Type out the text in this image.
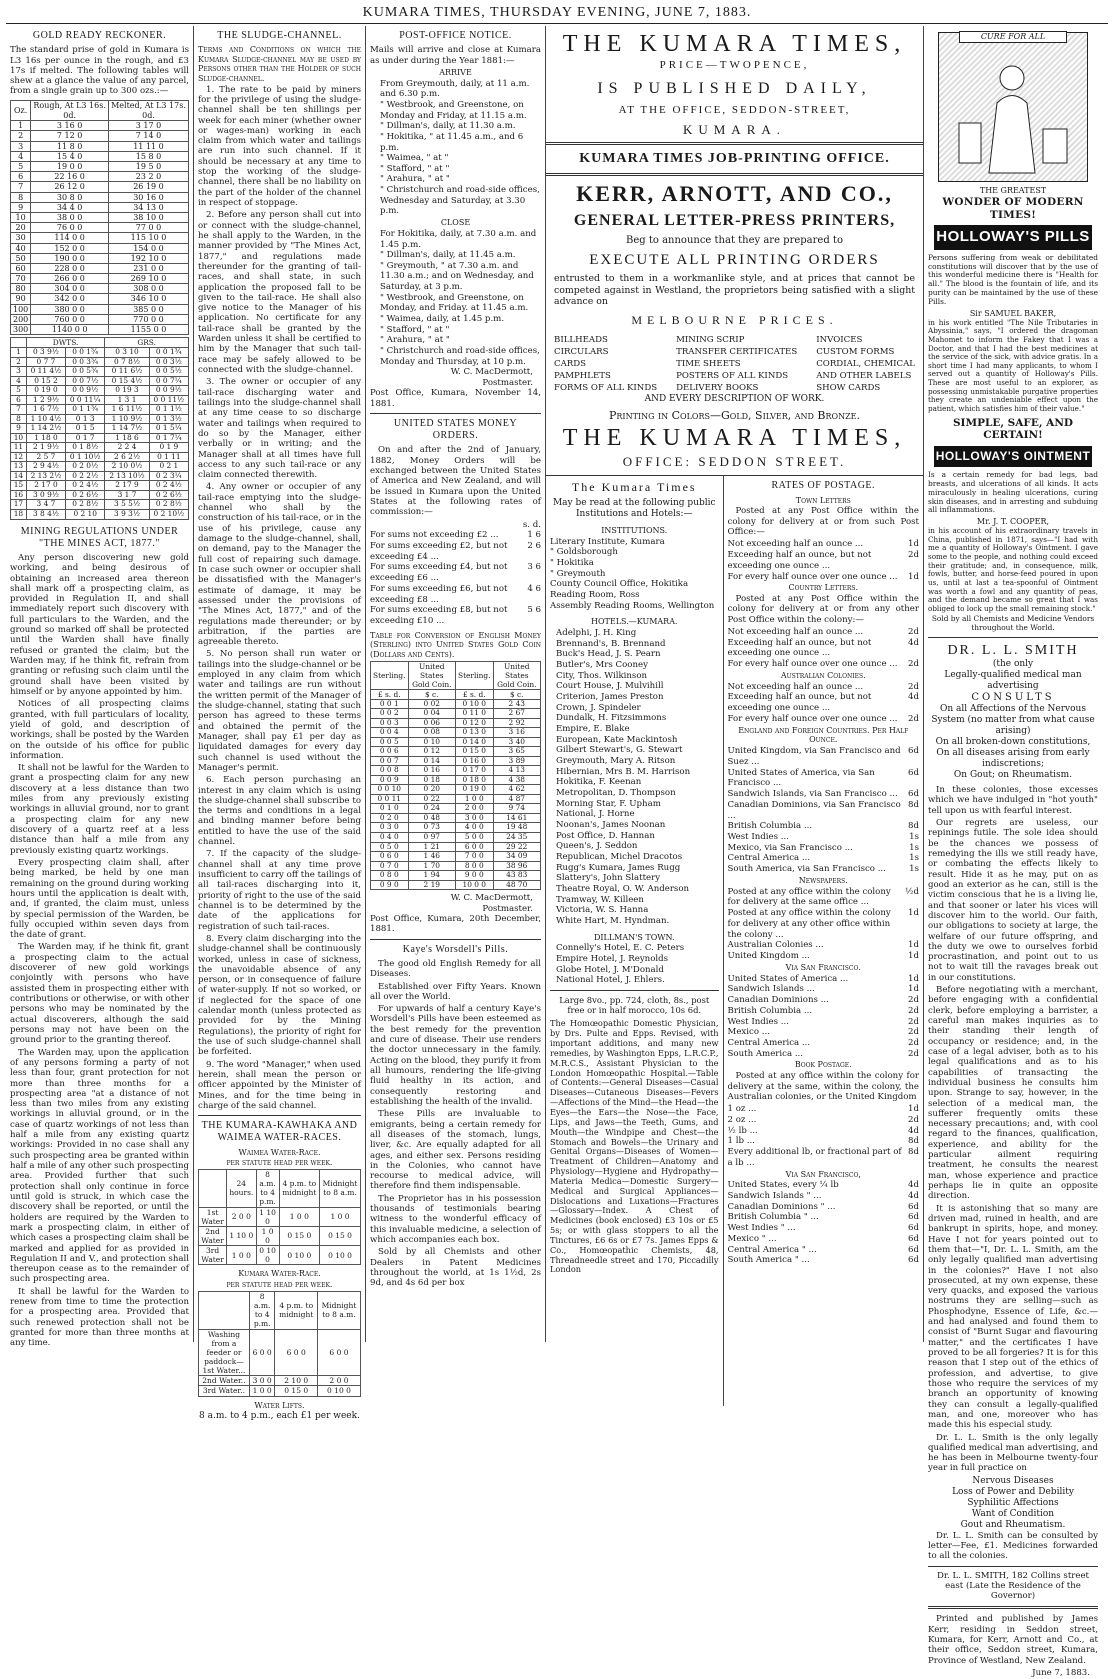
KUMARA TIMES, THURSDAY EVENING, JUNE 7, 1883.
GOLD READY RECKONER.

The standard prise of gold in Kumara is L3 16s per ounce in the rough, and £3 17s if melted. The following tables will shew at a glance the value of any parcel, from a single grain up to 300 ozs.:—

Oz.	Rough, At L3 16s. 0d.	Melted, At L3 17s. 0d.
1	3 16 0	3 17 0
2	7 12 0	7 14 0
3	11 8 0	11 11 0
4	15 4 0	15 8 0
5	19 0 0	19 5 0
6	22 16 0	23 2 0
7	26 12 0	26 19 0
8	30 8 0	30 16 0
9	34 4 0	34 13 0
10	38 0 0	38 10 0
20	76 0 0	77 0 0
30	114 0 0	115 10 0
40	152 0 0	154 0 0
50	190 0 0	192 10 0
60	228 0 0	231 0 0
70	266 0 0	269 10 0
80	304 0 0	308 0 0
90	342 0 0	346 10 0
100	380 0 0	385 0 0
200	760 0 0	770 0 0
300	1140 0 0	1155 0 0
	DWTS.		GRS.	
1	0 3 9½	0 0 1¾	0 3 10	0 0 1¾
2	0 7 7	0 0 3¾	0 7 8½	0 0 3½
3	0 11 4½	0 0 5¾	0 11 6½	0 0 5½
4	0 15 2	0 0 7½	0 15 4½	0 0 7¼
5	0 19 0	0 0 9½	0 19 3	0 0 9½
6	1 2 9½	0 0 11¼	1 3 1	0 0 11½
7	1 6 7½	0 1 1¾	1 6 11½	0 1 1½
8	1 10 4½	0 1 3	1 10 9½	0 1 3½
9	1 14 2½	0 1 5	1 14 7½	0 1 5¼
10	1 18 0	0 1 7	1 18 6	0 1 7¼
11	2 1 9½	0 1 8½	2 2 4	0 1 9
12	2 5 7	0 1 10½	2 6 2½	0 1 11
13	2 9 4½	0 2 0½	2 10 0½	0 2 1
14	2 13 2½	0 2 2½	2 13 10½	0 2 3¼
15	2 17 0	0 2 4½	2 17 9	0 2 4½
16	3 0 9½	0 2 6½	3 1 7	0 2 6½
17	3 4 7	0 2 8½	3 5 5½	0 2 8½
18	3 8 4½	0 2 10	3 9 3½	0 2 10½
MINING REGULATIONS UNDER "THE MINES ACT, 1877."

Any person discovering new gold working, and being desirous of obtaining an increased area thereon shall mark off a prospecting claim, as provided in Regulation II, and shall immediately report such discovery with full particulars to the Warden, and the ground so marked off shall be protected until the Warden shall have finally refused or granted the claim; but the Warden may, if he think fit, refrain from granting or refusing such claim until the ground shall have been visited by himself or by anyone appointed by him.

Notices of all prospecting claims granted, with full particulars of locality, yield of gold, and description of workings, shall be posted by the Warden on the outside of his office for public information.

It shall not be lawful for the Warden to grant a prospecting claim for any new discovery at a less distance than two miles from any previously existing workings in alluvial ground, nor to grant a prospecting claim for any new discovery of a quartz reef at a less distance than half a mile from any previously existing quartz workings.

Every prospecting claim shall, after being marked, be held by one man remaining on the ground during working hours until the application is dealt with, and, if granted, the claim must, unless by special permission of the Warden, be fully occupied within seven days from the date of grant.

The Warden may, if he think fit, grant a prospecting claim to the actual discoverer of new gold workings conjointly with persons who have assisted them in prospecting either with contributions or otherwise, or with other persons who may be nominated by the actual discoverers, although the said persons may not have been on the ground prior to the granting thereof.

The Warden may, upon the application of any persons forming a party of not less than four, grant protection for not more than three months for a prospecting area "at a distance of not less than two miles from any existing workings in alluvial ground, or in the case of quartz workings of not less than half a mile from any existing quartz workings: Provided in no case shall any such prospecting area be granted within half a mile of any other such prospecting area. Provided further that such protection shall only continue in force until gold is struck, in which case the discovery shall be reported, or until the holders are required by the Warden to mark a prospecting claim, in either of which cases a prospecting claim shall be marked and applied for as provided in Regulation II and V., and protection shall thereupon cease as to the remainder of such prospecting area.

It shall be lawful for the Warden to renew from time to time the protection for a prospecting area. Provided that such renewed protection shall not be granted for more than three months at any time.

THE SLUDGE-CHANNEL.

Terms and Conditions on which the Kumara Sludge-channel may be used by Persons other than the Holder of such Sludge-channel.

1. The rate to be paid by miners for the privilege of using the sludge-channel shall be ten shillings per week for each miner (whether owner or wages-man) working in each claim from which water and tailings are run into such channel. If it should be necessary at any time to stop the working of the sludge-channel, there shall be no liability on the part of the holder of the channel in respect of stoppage.

2. Before any person shall cut into or connect with the sludge-channel, he shall apply to the Warden, in the manner provided by "The Mines Act, 1877," and regulations made thereunder for the granting of tail-races, and shall state, in such application the proposed fall to be given to the tail-race. He shall also give notice to the Manager of his application. No certificate for any tail-race shall be granted by the Warden unless it shall be certified to him by the Manager that such tail-race may be safely allowed to be connected with the sludge-channel.

3. The owner or occupier of any tail-race discharging water and tailings into the sludge-channel shall at any time cease to so discharge water and tailings when required to do so by the Manager, either verbally or in writing; and the Manager shall at all times have full access to any such tail-race or any claim connected therewith.

4. Any owner or occupier of any tail-race emptying into the sludge-channel who shall by the construction of his tail-race, or in the use of his privilege, cause any damage to the sludge-channel, shall, on demand, pay to the Manager the full cost of repairing such damage. In case such owner or occupier shall be dissatisfied with the Manager's estimate of damage, it may be assessed under the provisions of "The Mines Act, 1877," and of the regulations made thereunder; or by arbitration, if the parties are agreeable thereto.

5. No person shall run water or tailings into the sludge-channel or be employed in any claim from which water and tailings are run without the written permit of the Manager of the sludge-channel, stating that such person has agreed to these terms and obtained the permit of the Manager, shall pay £1 per day as liquidated damages for every day such channel is used without the Manager's permit.

6. Each person purchasing an interest in any claim which is using the sludge-channel shall subscribe to the terms and conditions in a legal and binding manner before being entitled to have the use of the said channel.

7. If the capacity of the sludge-channel shall at any time prove insufficient to carry off the tailings of all tail-races discharging into it, priority of right to the use of the said channel is to be determined by the date of the applications for registration of such tail-races.

8. Every claim discharging into the sludge-channel shall be continuously worked, unless in case of sickness, the unavoidable absence of any person, or in consequence of failure of water-supply. If not so worked, or if neglected for the space of one calendar month (unless protected as provided for by the Mining Regulations), the priority of right for the use of such sludge-channel shall be forfeited.

9. The word "Manager," when used herein, shall mean the person or officer appointed by the Minister of Mines, and for the time being in charge of the said channel.

THE KUMARA-KAWHAKA AND WAIMEA WATER-RACES.
Waimea Water-Race.
per statute head per week.
	24 hours.	8 a.m. to 4 p.m.	4 p.m. to midnight	Midnight to 8 a.m.
1st Water	2 0 0	1 10 0	1 0 0	1 0 0
2nd Water	1 10 0	1 0 0	0 15 0	0 15 0
3rd Water	1 0 0	0 10 0	0 10 0	0 10 0
Kumara Water-Race.
per statute head per week.
	8 a.m. to 4 p.m.	4 p.m. to midnight	Midnight to 8 a.m.
Washing from a feeder or paddock—1st Water...	6 0 0	6 0 0	6 0 0
2nd Water..	3 0 0	2 10 0	2 0 0
3rd Water..	1 0 0	0 15 0	0 10 0
Water Lifts.
8 a.m. to 4 p.m., each £1 per week.
POST-OFFICE NOTICE.

Mails will arrive and close at Kumara as under during the Year 1881:—

ARRIVE
From Greymouth, daily, at 11 a.m. and 6.30 p.m.
" Westbrook, and Greenstone, on Monday and Friday, at 11.15 a.m.
" Dillman's, daily, at 11.30 a.m.
" Hokitika, " at 11.45 a.m., and 6 p.m.
" Waimea, " at "
" Stafford, " at "
" Arahura, " at "
" Christchurch and road-side offices, Wednesday and Saturday, at 3.30 p.m.
CLOSE
For Hokitika, daily, at 7.30 a.m. and 1.45 p.m.
" Dillman's, daily, at 11.45 a.m.
" Greymouth, " at 7.30 a.m. and 11.30 a.m.; and on Wednesday, and Saturday, at 3 p.m.
" Westbrook, and Greenstone, on Monday, and Friday. at 11.45 a.m.
" Waimea, daily, at 1.45 p.m.
" Stafford, " at "
" Arahura, " at "
" Christchurch and road-side offices, Monday and Thursday, at 10 p.m.
W. C. MacDermott,
Postmaster.

Post Office, Kumara, November 14, 1881.

UNITED STATES MONEY ORDERS.

On and after the 2nd of January, 1882, Money Orders will be exchanged between the United States of America and New Zealand, and will be issued in Kumara upon the United States at the following rates of commission:—

s. d.
For sums not exceeding £2 ...	1 6
For sums exceeding £2, but not exceeding £4 ...
2 6
For sums exceeding £4, but not exceeding £6 ...
3 6
For sums exceeding £6, but not exceeding £8 ...
4 6
For sums exceeding £8, but not exceeding £10 ...
5 6

Table for Conversion of English Money (Sterling) into United States Gold Coin (Dollars and Cents).

Sterling.	United States Gold Coin.	Sterling.	United States Gold Coin.
£ s. d.	$ c.	£ s. d.	$ c.
0 0 1	0 02	0 10 0	2 43
0 0 2	0 04	0 11 0	2 67
0 0 3	0 06	0 12 0	2 92
0 0 4	0 08	0 13 0	3 16
0 0 5	0 10	0 14 0	3 40
0 0 6	0 12	0 15 0	3 65
0 0 7	0 14	0 16 0	3 89
0 0 8	0 16	0 17 0	4 13
0 0 9	0 18	0 18 0	4 38
0 0 10	0 20	0 19 0	4 62
0 0 11	0 22	1 0 0	4 87
0 1 0	0 24	2 0 0	9 74
0 2 0	0 48	3 0 0	14 61
0 3 0	0 73	4 0 0	19 48
0 4 0	0 97	5 0 0	24 35
0 5 0	1 21	6 0 0	29 22
0 6 0	1 46	7 0 0	34 09
0 7 0	1 70	8 0 0	38 96
0 8 0	1 94	9 0 0	43 83
0 9 0	2 19	10 0 0	48 70
W. C. MacDermott,
Postmaster.

Post Office, Kumara, 20th December, 1881.

Kaye's Worsdell's Pills.

The good old English Remedy for all Diseases.

Established over Fifty Years. Known all over the World.

For upwards of half a century Kaye's Worsdell's Pills have been esteemed as the best remedy for the prevention and cure of disease. Their use renders the doctor unnecessary in the family. Acting on the blood, they purify it from all humours, rendering the life-giving fluid healthy in its action, and consequently restoring and establishing the health of the invalid.

These Pills are invaluable to emigrants, being a certain remedy for all diseases of the stomach, lungs, liver, &c. Are equally adapted for all ages, and either sex. Persons residing in the Colonies, who cannot have recourse to medical advice, will therefore find them indispensable.

The Proprietor has in his possession thousands of testimonials bearing witness to the wonderful efficacy of this invaluable medicine, a selection of which accompanies each box.

Sold by all Chemists and other Dealers in Patent Medicines throughout the world, at 1s 1½d, 2s 9d, and 4s 6d per box

THE KUMARA TIMES,
PRICE—TWOPENCE,
IS PUBLISHED DAILY,
AT THE OFFICE, SEDDON-STREET,
KUMARA.
KUMARA TIMES JOB-PRINTING OFFICE.
KERR, ARNOTT, AND CO.,
GENERAL LETTER-PRESS PRINTERS,
Beg to announce that they are prepared to
EXECUTE ALL PRINTING ORDERS

entrusted to them in a workmanlike style, and at prices that cannot be competed against in Westland, the proprietors being satisfied with a slight advance on

MELBOURNE PRICES.
BILLHEADS
CIRCULARS
CARDS
PAMPHLETS
FORMS OF ALL KINDS
MINING SCRIP
TRANSFER CERTIFICATES
TIME SHEETS
POSTERS OF ALL KINDS
DELIVERY BOOKS
INVOICES
CUSTOM FORMS
CORDIAL, CHEMICAL
AND OTHER LABELS
SHOW CARDS
AND EVERY DESCRIPTION OF WORK.
Printing in Colors—Gold, Silver, and Bronze.
THE KUMARA TIMES,
OFFICE: SEDDON STREET.
The Kumara Times
May be read at the following public Institutions and Hotels:—
INSTITUTIONS.
Literary Institute, Kumara
" Goldsborough
" Hokitika
" Greymouth
County Council Office, Hokitika
Reading Room, Ross
Assembly Reading Rooms, Wellington
HOTELS.—KUMARA.
Adelphi, J. H. King
Brennand's, B. Brennand
Buck's Head, J. S. Pearn
Butler's, Mrs Cooney
City, Thos. Wilkinson
Court House, J. Mulvihill
Criterion, James Preston
Crown, J. Spindeler
Dundalk, H. Fitzsimmons
Empire, E. Blake
European, Kate Mackintosh
Gilbert Stewart's, G. Stewart
Greymouth, Mary A. Ritson
Hibernian, Mrs B. M. Harrison
Hokitika, F. Keenan
Metropolitan, D. Thompson
Morning Star, F. Upham
National, J. Horne
Noonan's, James Noonan
Post Office, D. Hannan
Queen's, J. Seddon
Republican, Michel Dracotos
Rugg's Kumara, James Rugg
Slattery's, John Slattery
Theatre Royal, O. W. Anderson
Tramway, W. Killeen
Victoria, W. S. Hanna
White Hart, M. Hyndman.
DILLMAN'S TOWN.
Connelly's Hotel, E. C. Peters
Empire Hotel, J. Reynolds
Globe Hotel, J. M'Donald
National Hotel, J. Ehlers.
Large 8vo., pp. 724, cloth, 8s., post free or in half morocco, 10s 6d.

The Homœopathic Domestic Physician, by Drs. Pulte and Epps. Revised, with important additions, and many new remedies, by Washington Epps, L.R.C.P., M.R.C.S., Assistant Physician to the London Homœopathic Hospital.—Table of Contents:—General Diseases—Casual Diseases—Cutaneous Diseases—Fevers—Affections of the Mind—the Head—the Eyes—the Ears—the Nose—the Face, Lips, and Jaws—the Teeth, Gums, and Mouth—the Windpipe and Chest—the Stomach and Bowels—the Urinary and Genital Organs—Diseases of Women—Treatment of Children—Anatomy and Physiology—Hygiene and Hydropathy—Materia Medica—Domestic Surgery—Medical and Surgical Appliances—Dislocations and Luxations—Fractures—Glossary—Index. A Chest of Medicines (book enclosed) £3 10s or £5 5s; or with glass stoppers to all the Tinctures, £6 6s or £7 7s. James Epps & Co., Homœopathic Chemists, 48, Threadneedle street and 170, Piccadilly London

RATES OF POSTAGE.
Town Letters

Posted at any Post Office within the colony for delivery at or from such Post Office:—

Not exceeding half an ounce ...	1d
Exceeding half an ounce, but not exceeding one ounce ...
2d
For every half ounce over one ounce ...	1d
Country Letters.

Posted at any Post Office within the colony for delivery at or from any other Post Office within the colony:—

Not exceeding half an ounce ...	2d
Exceeding half an ounce, but not exceeding one ounce ...
4d
For every half ounce over one ounce ...	2d
Australian Colonies.
Not exceeding half an ounce ...	2d
Exceeding half an ounce, but not exceeding one ounce ...
4d
For every half ounce over one ounce ...	2d
England and Foreign Countries. Per Half Ounce.
United Kingdom, via San Francisco and Suez ...
6d
United States of America, via San Francisco ...
6d
Sandwich Islands, via San Francisco ...	6d
Canadian Dominions, via San Francisco ...
8d
British Columbia ...	8d
West Indies ...	1s
Mexico, via San Francisco ...	1s
Central America ...	1s
South America, via San Francisco ...	1s
Newspapers.
Posted at any office within the colony for delivery at the same office ...
½d
Posted at any office within the colony for delivery at any other office within the colony ...
1d
Australian Colonies ...	1d
United Kingdom ...	1d
Via San Francisco.
United States of America ...	1d
Sandwich Islands ...	1d
Canadian Dominions ...	2d
British Columbia ...	2d
West Indies ...	2d
Mexico ...	2d
Central America ...	2d
South America ...	2d
Book Postage.

Posted at any office within the colony for delivery at the same, within the colony, the Australian colonies, or the United Kingdom

1 oz ...	1d
2 oz ...	2d
½ lb ...	4d
1 lb ...	8d
Every additional lb, or fractional part of a lb ...
8d
Via San Francisco,
United States, every ¼ lb	4d
Sandwich Islands " ...	4d
Canadian Dominions " ...	6d
British Columbia " ...	6d
West Indies " ...	6d
Mexico " ...	6d
Central America " ...	6d
South America " ...	6d
CURE FOR ALL
THE GREATEST
WONDER OF MODERN TIMES!
HOLLOWAY'S PILLS

Persons suffering from weak or debilitated constitutions will discover that by the use of this wonderful medicine there is "Health for all." The blood is the fountain of life, and its purity can be maintained by the use of these Pills.

Sir SAMUEL BAKER,

in his work entitled "The Nile Tributaries in Abyssinia," says, "I ordered the dragoman Mahomet to inform the Fakey that I was a Doctor, and that I had the best medicines at the service of the sick, with advice gratis. In a short time I had many applicants, to whom I served out a quantity of Holloway's Pills. These are most useful to an explorer, as possessing unmistakable purgative properties they create an undeniable effect upon the patient, which satisfies him of their value."

SIMPLE, SAFE, AND CERTAIN!
HOLLOWAY'S OINTMENT

Is a certain remedy for bad legs, bad breasts, and ulcerations of all kinds. It acts miraculously in healing ulcerations, curing skin diseases, and in arresting and subduing all inflammations.

Mr. J. T. COOPER,

in his account of his extraordinary travels in China, published in 1871, says—"I had with me a quantity of Holloway's Ointment. I gave some to the people, and nothing could exceed their gratitude; and, in consequence, milk, fowls, butter, and horse-feed poured in upon us, until at last a tea-spoonful of Ointment was worth a fowl and any quantity of peas, and the demand became so great that I was obliged to lock up the small remaining stock."

Sold by all Chemists and Medicine Vendors throughout the World.

DR. L. L. SMITH
(the only
Legally-qualified medical man advertising
CONSULTS
On all Affections of the Nervous System (no matter from what cause arising)
On all broken-down constitutions, On all diseases arising from early indiscretions;
On Gout; on Rheumatism.

In these colonies, those excesses which we have indulged in "hot youth" tell upon us with fearful interest.

Our regrets are useless, our repinings futile. The sole idea should be the chances we possess of remedying the ills we still ready have, or combating the effects likely to result. Hide it as he may, put on as good an exterior as he can, still is the victim conscious that he is a living lie, and that sooner or later his vices will discover him to the world. Our faith, our obligations to society at large, the welfare of our future offspring, and the duty we owe to ourselves forbid procrastination, and point out to us not to wait till the ravages break out in our constitutions.

Before negotiating with a merchant, before engaging with a confidential clerk, before employing a barrister, a careful man makes inquiries as to their standing their length of occupancy or residence; and, in the case of a legal adviser, both as to his legal qualifications and as to his capabilities of transacting the individual business he consults him upon. Strange to say, however, in the selection of a medical man, the sufferer frequently omits these necessary precautions; and, with cool regard to the finances, qualification, experience, and ability for the particular ailment requiring treatment, he consults the nearest man, whose experience and practice perhaps lie in quite an opposite direction.

It is astonishing that so many are driven mad, ruined in health, and are bankrupt in spirits, hope, and money. Have I not for years pointed out to them that—"I, Dr. L. L. Smith, am the only legally qualified man advertising in the colonies?" Have I not also prosecuted, at my own expense, these very quacks, and exposed the various nostrums they are selling—such as Phosphodyne, Essence of Life, &c.—and had analysed and found them to consist of "Burnt Sugar and flavouring matter," and the certificates I have proved to be all forgeries? It is for this reason that I step out of the ethics of profession, and advertise, to give those who require the services of my branch an opportunity of knowing they can consult a legally-qualified man, and one, moreover who has made this his especial study.

Dr. L. L. Smith is the only legally qualified medical man advertising, and he has been in Melbourne twenty-four year in full practice on

Nervous Diseases
Loss of Power and Debility
Syphilitic Affections
Want of Condition
Gout and Rheumatism.

Dr. L. L. Smith can be consulted by letter—Fee, £1. Medicines forwarded to all the colonies.

Dr. L. L. SMITH, 182 Collins street east (Late the Residence of the Governor)

Printed and published by James Kerr, residing in Seddon street, Kumara, for Kerr, Arnott and Co., at their office, Seddon street, Kumara, Province of Westland, New Zealand.

June 7, 1883.
